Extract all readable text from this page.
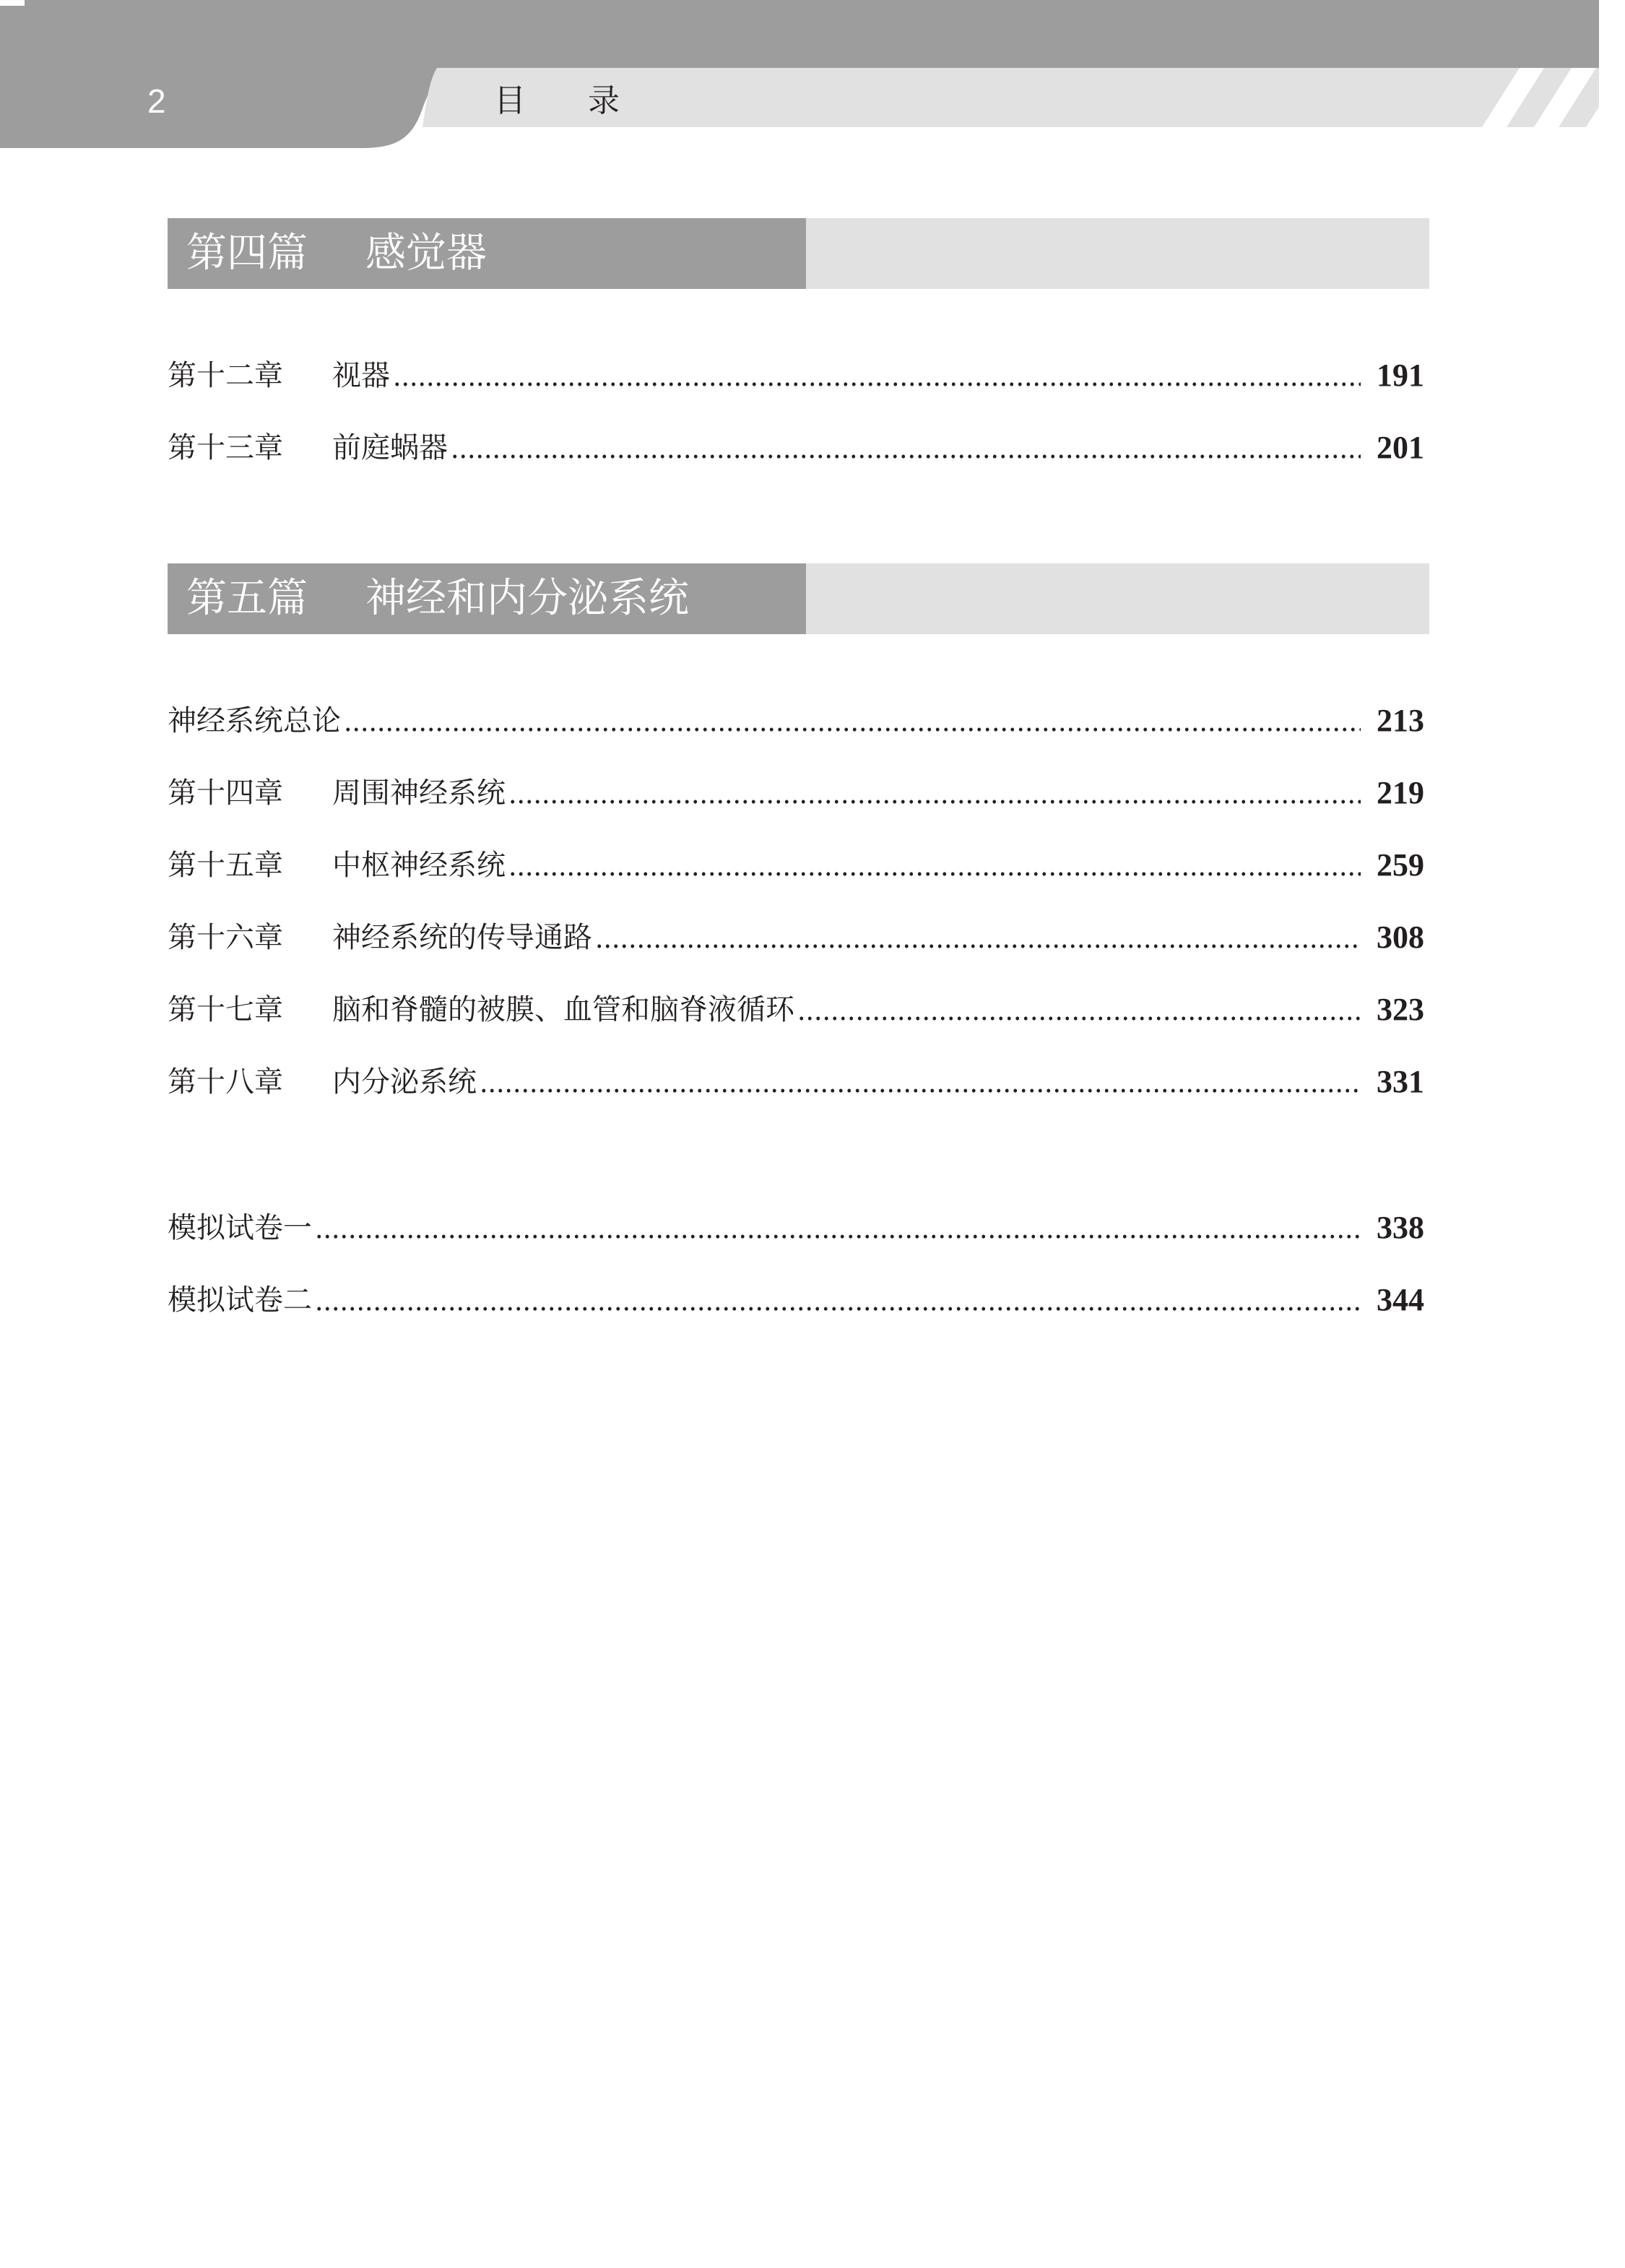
2	目录
第四篇 感觉器
第十二章	视器	191
第十三章	前庭蜗器	201
第五篇 神经和内分泌系统
神经系统总论	213
第十四章	周围神经系统	219
第十五章	中枢神经系统	259
第十六章	神经系统的传导通路	308
第十七章	脑和脊髓的被膜、血管和脑脊液循环	323
第十八章	内分泌系统	331
模拟试卷一	338
模拟试卷二	344
